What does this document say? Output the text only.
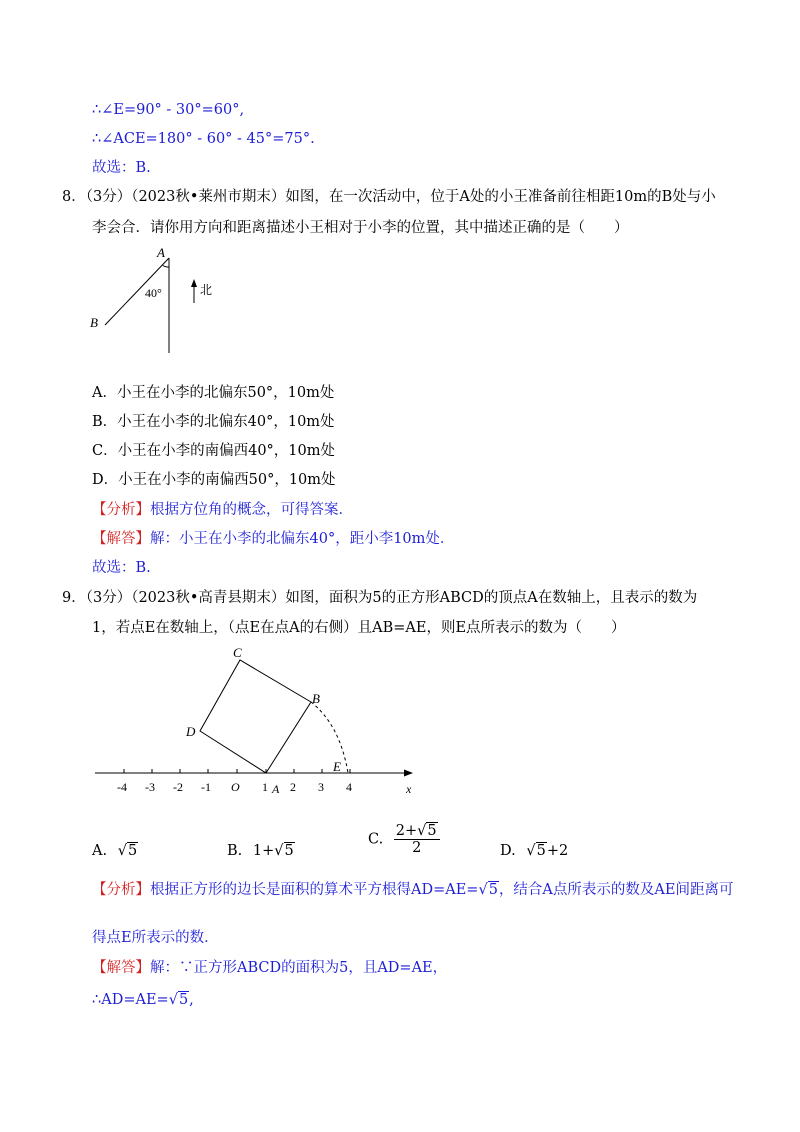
∴∠E=90° - 30°=60°,
∴∠ACE=180° - 60° - 45°=75°.
故选：B.
8．（3分）（2023秋•莱州市期末）如图，在一次活动中，位于A处的小王准备前往相距10m的B处与小
李会合．请你用方向和距离描述小王相对于小李的位置，其中描述正确的是（　　）
A
B
40°	北
A．小王在小李的北偏东50°，10m处
B．小王在小李的北偏东40°，10m处
C．小王在小李的南偏西40°，10m处
D．小王在小李的南偏西50°，10m处
【分析】根据方位角的概念，可得答案．
【解答】解：小王在小李的北偏东40°，距小李10m处．
故选：B.
9．（3分）（2023秋•高青县期末）如图，面积为5的正方形ABCD的顶点A在数轴上，且表示的数为
1，若点E在数轴上，（点E在点A的右侧）且AB=AE，则E点所表示的数为（　　）
-4 -3 -2 -1 O 1 A 2 3 4	x
C
B
D
E
A. √5	B. 1+√5
C. $\frac{2+√5}{2}$	D. √5+2
【分析】根据正方形的边长是面积的算术平方根得AD=AE=√5，结合A点所表示的数及AE间距离可
得点E所表示的数．
【解答】解：∵正方形ABCD的面积为5，且AD=AE，
∴AD=AE=√5,
